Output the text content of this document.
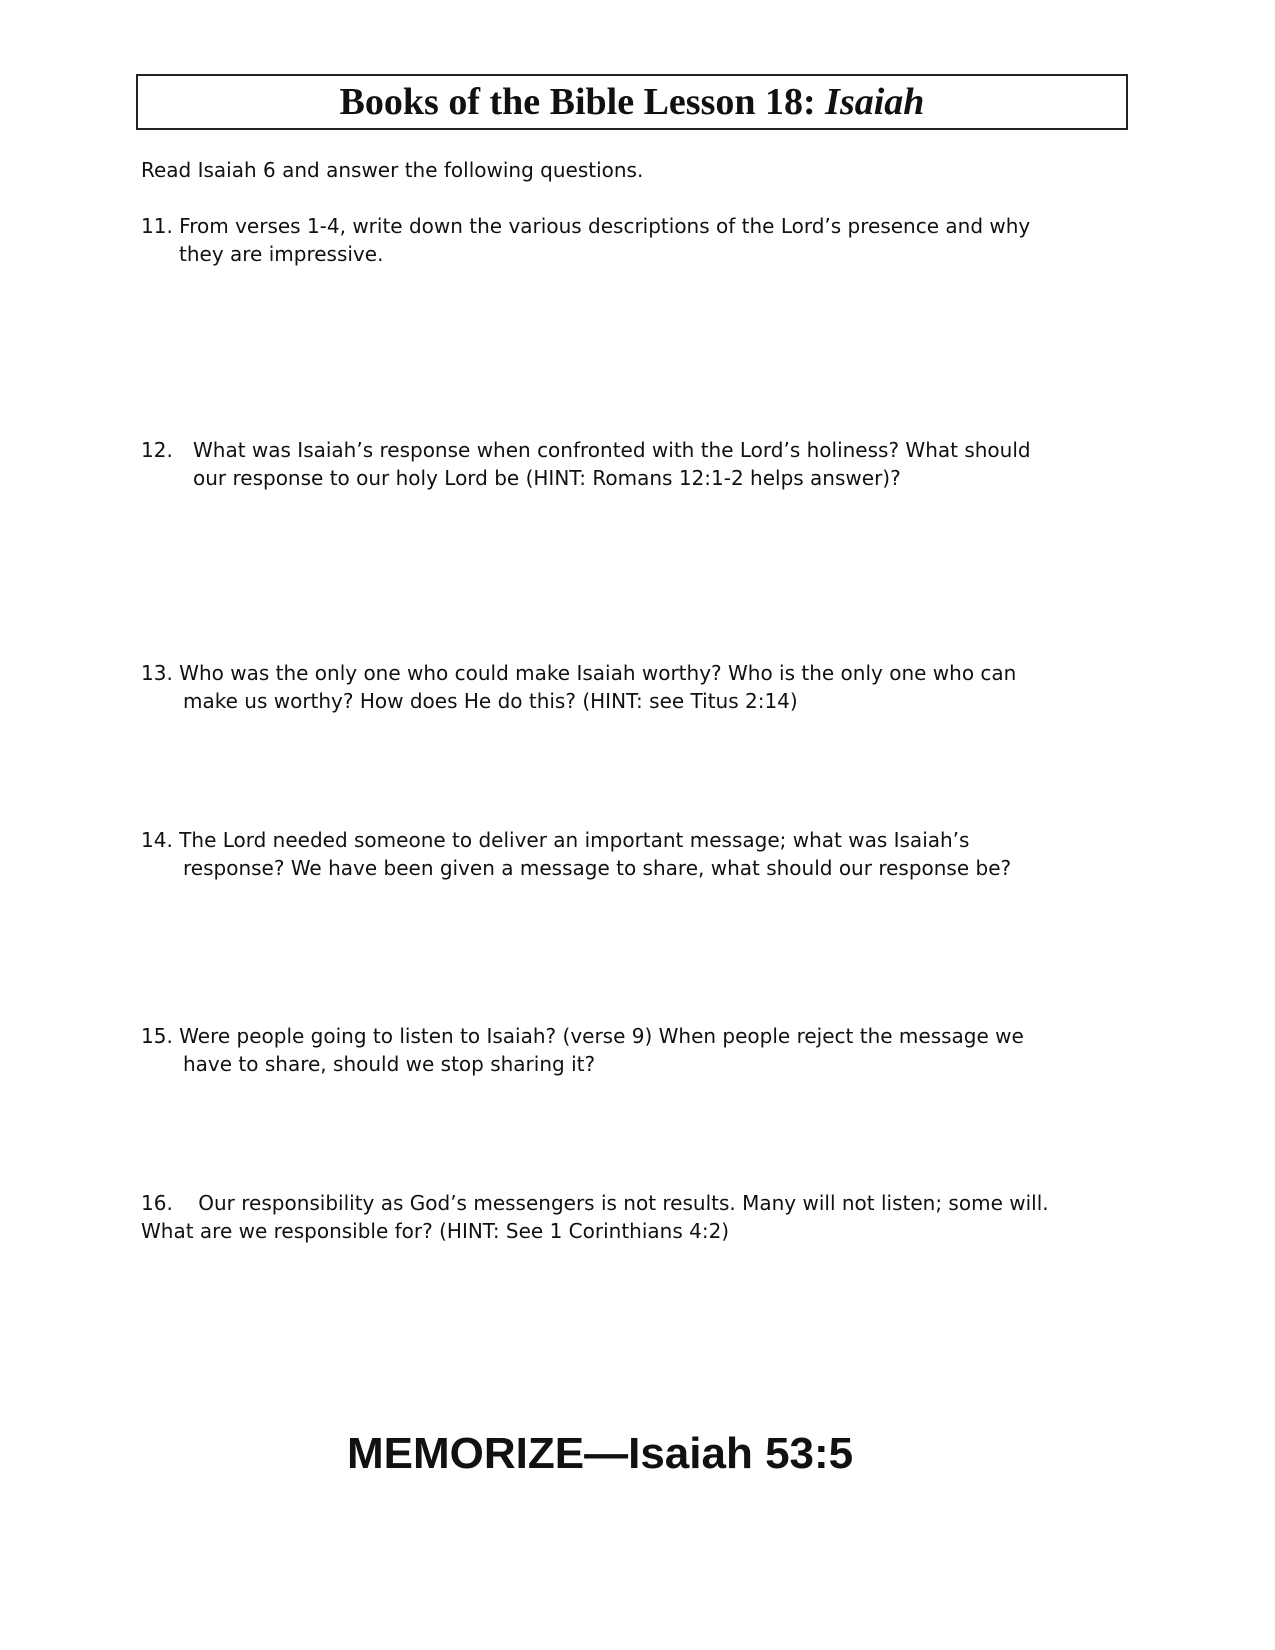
Books of the Bible Lesson 18: Isaiah
Read Isaiah 6 and answer the following questions.
11. From verses 1-4, write down the various descriptions of the Lord’s presence and why
they are impressive.
12. What was Isaiah’s response when confronted with the Lord’s holiness? What should
our response to our holy Lord be (HINT: Romans 12:1-2 helps answer)?
13. Who was the only one who could make Isaiah worthy? Who is the only one who can
make us worthy? How does He do this? (HINT: see Titus 2:14)
14. The Lord needed someone to deliver an important message; what was Isaiah’s
response? We have been given a message to share, what should our response be?
15. Were people going to listen to Isaiah? (verse 9) When people reject the message we
have to share, should we stop sharing it?
16. Our responsibility as God’s messengers is not results. Many will not listen; some will.
What are we responsible for? (HINT: See 1 Corinthians 4:2)
MEMORIZE—Isaiah 53:5
